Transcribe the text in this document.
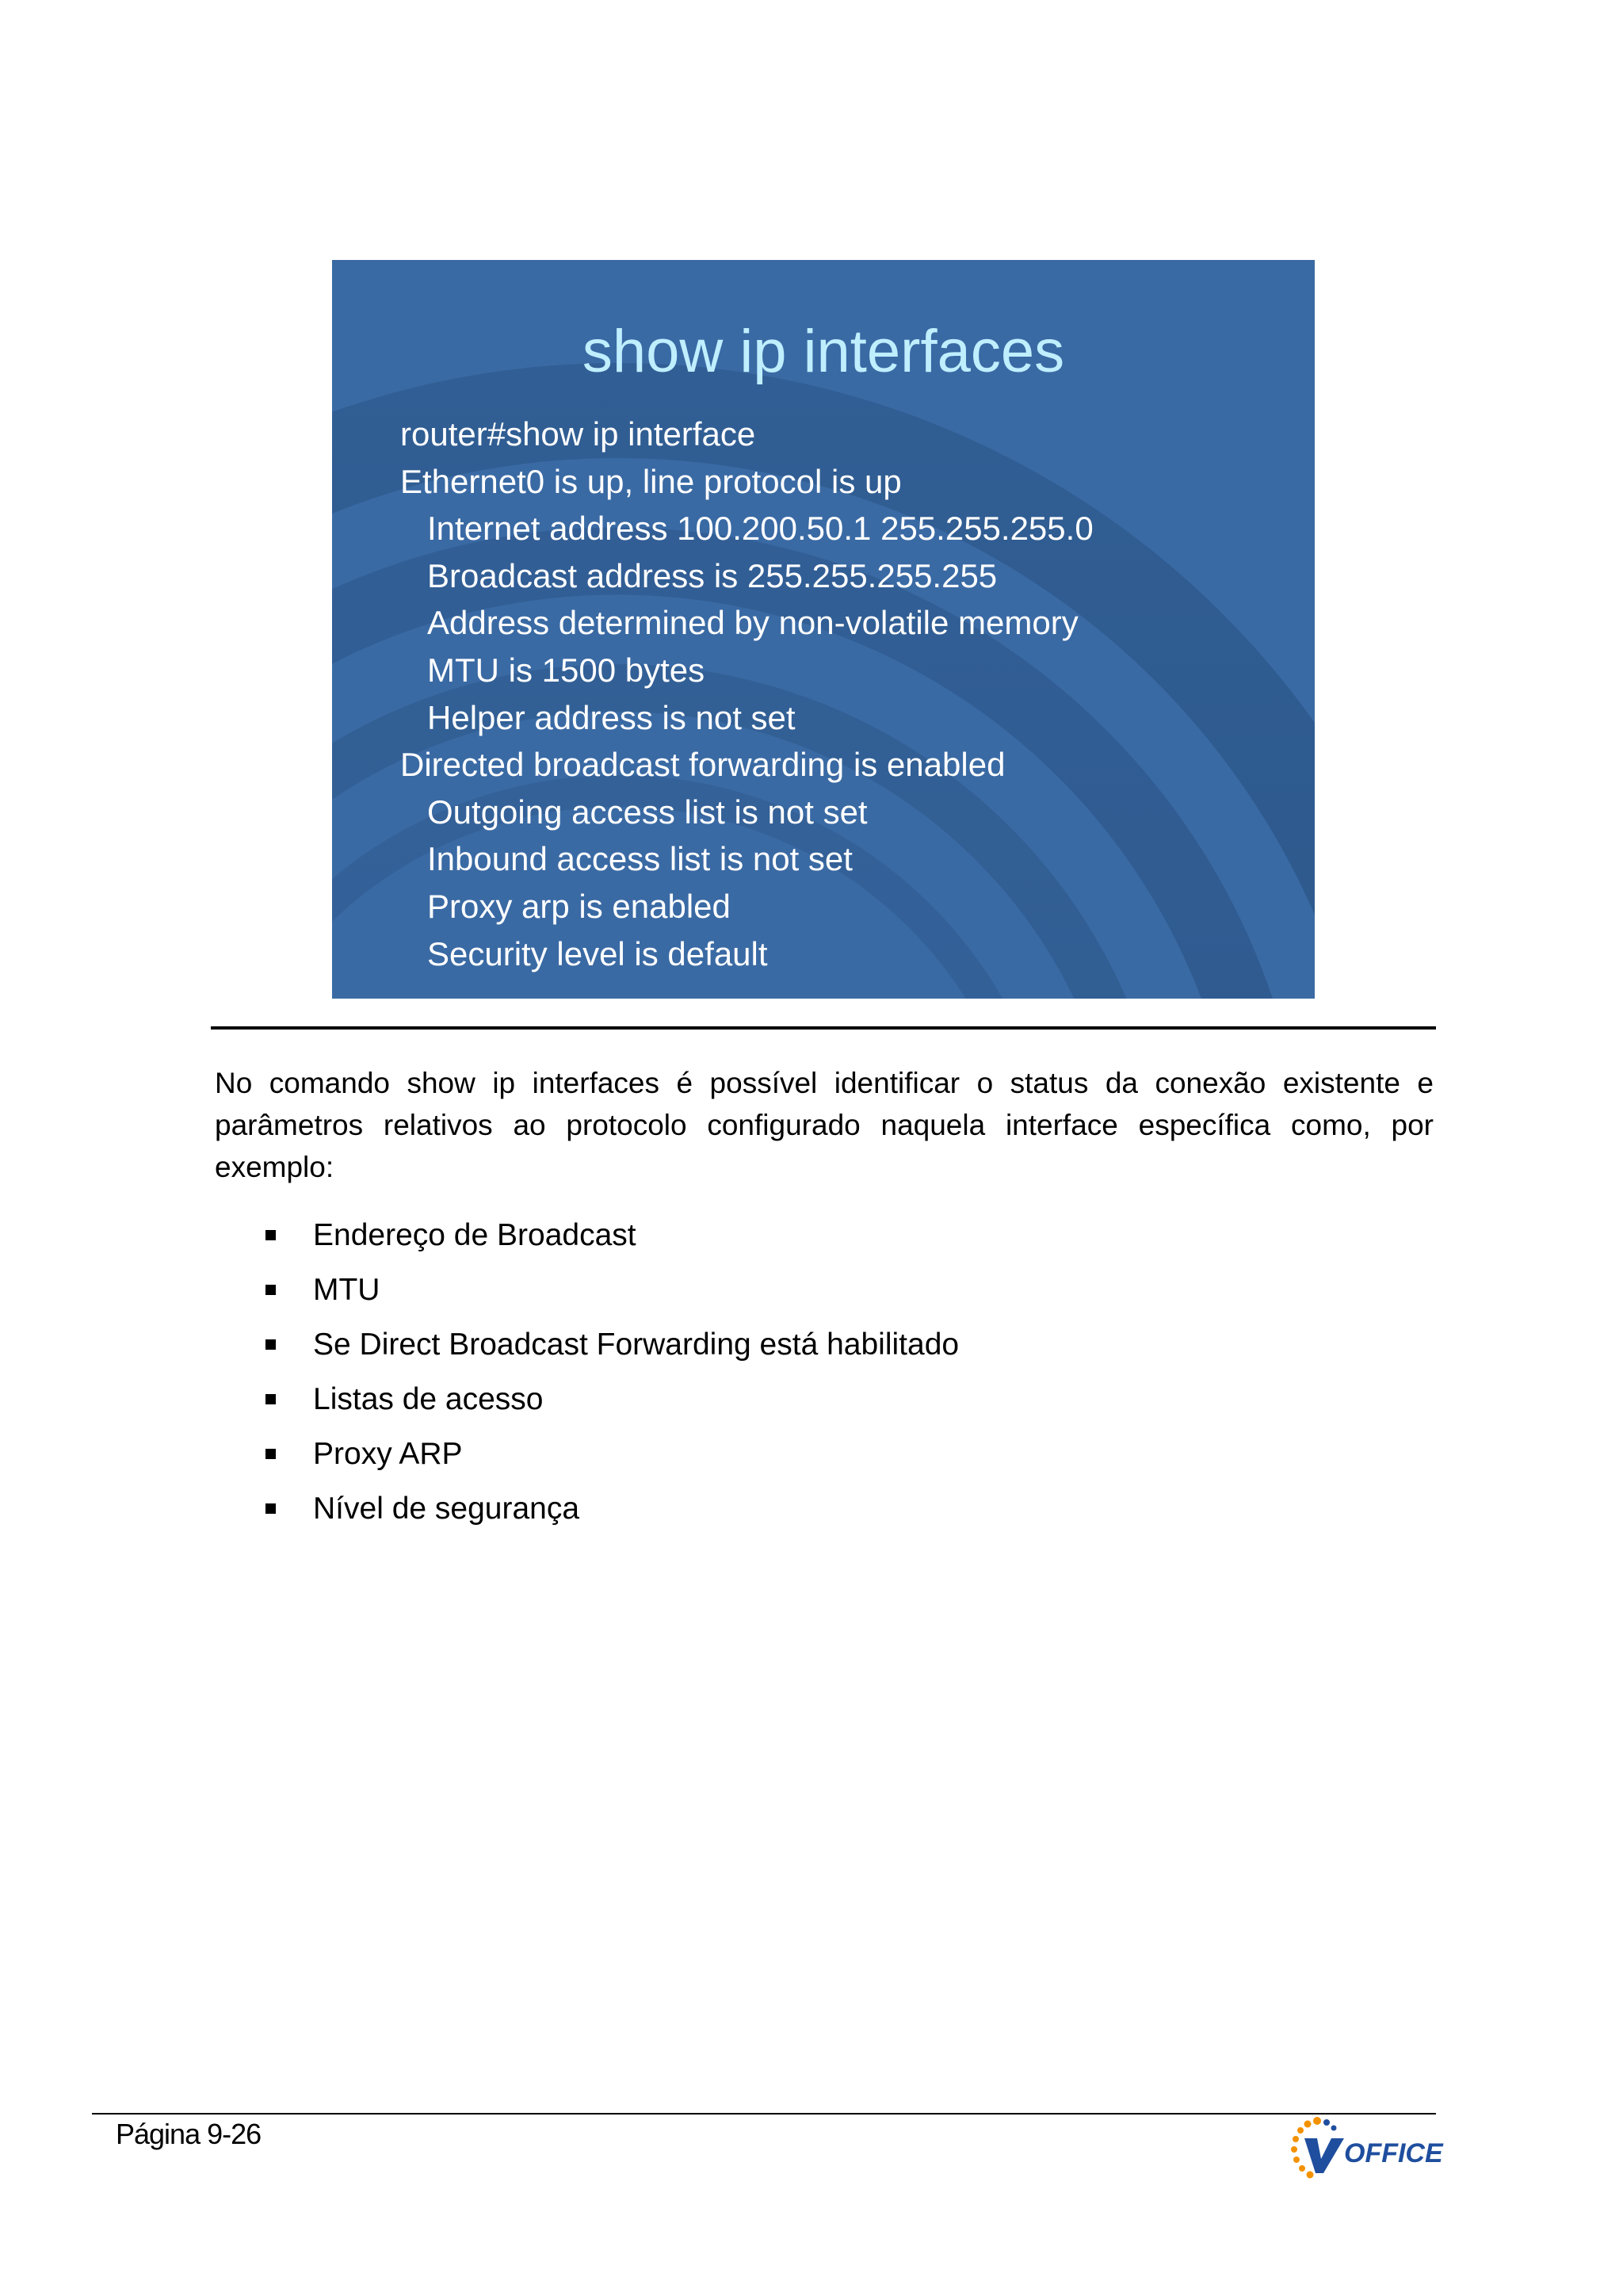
show ip interfaces
router#show ip interface
Ethernet0 is up, line protocol is up
Internet address 100.200.50.1 255.255.255.0
Broadcast address is 255.255.255.255
Address determined by non-volatile memory
MTU is 1500 bytes
Helper address is not set
Directed broadcast forwarding is enabled
Outgoing access list is not set
Inbound access list is not set
Proxy arp is enabled
Security level is default
No comando show ip interfaces é possível identificar o status da conexão existente e parâmetros relativos ao protocolo configurado naquela interface específica como, por exemplo:
Endereço de Broadcast
MTU
Se Direct Broadcast Forwarding está habilitado
Listas de acesso
Proxy ARP
Nível de segurança
Página 9-26
OFFICE
